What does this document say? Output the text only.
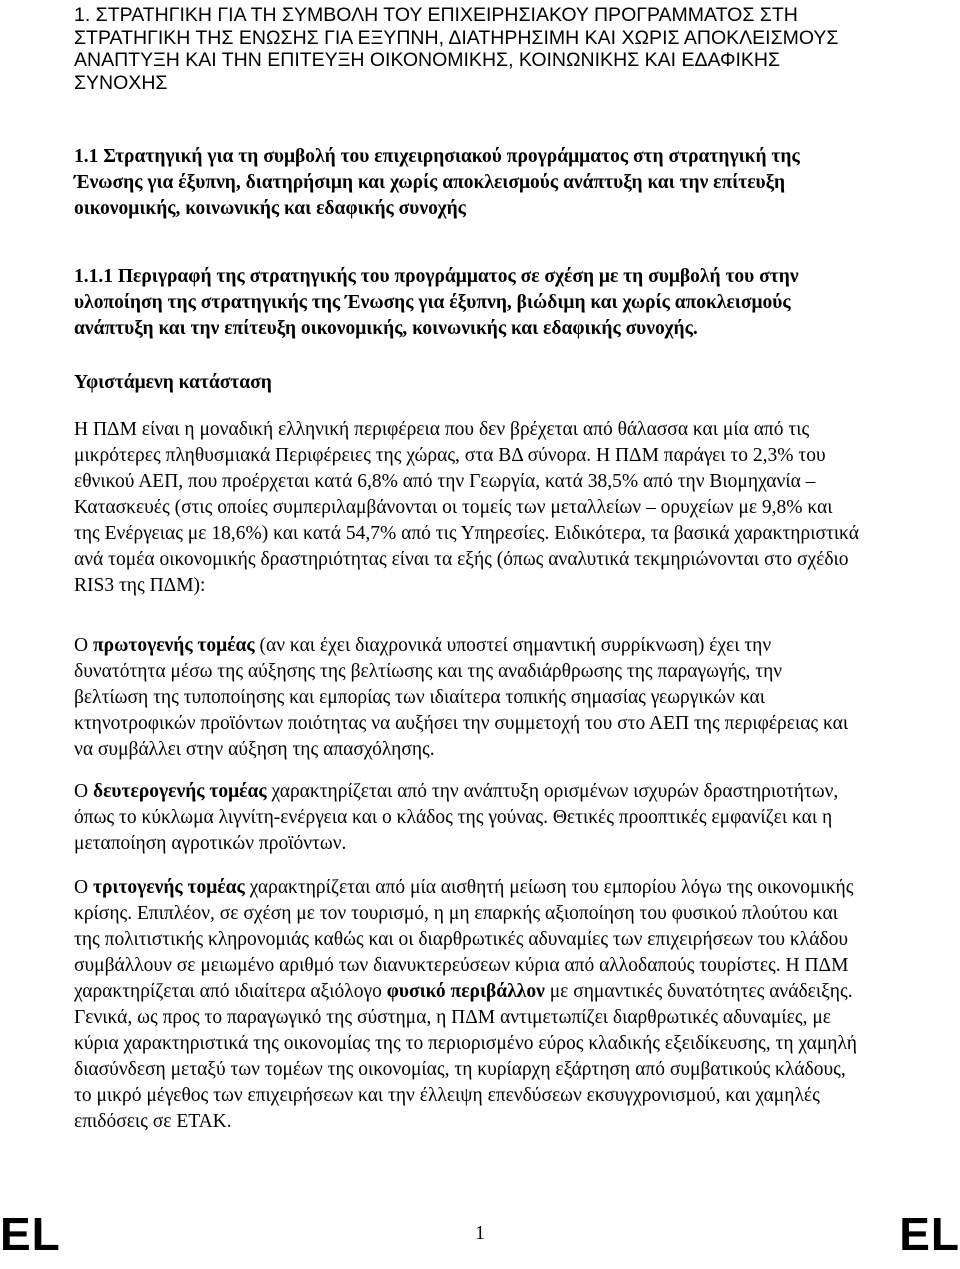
1. ΣΤΡΑΤΗΓΙΚΗ ΓΙΑ ΤΗ ΣΥΜΒΟΛΗ ΤΟΥ ΕΠΙΧΕΙΡΗΣΙΑΚΟΥ ΠΡΟΓΡΑΜΜΑΤΟΣ ΣΤΗ ΣΤΡΑΤΗΓΙΚΗ ΤΗΣ ΕΝΩΣΗΣ ΓΙΑ ΕΞΥΠΝΗ, ΔΙΑΤΗΡΗΣΙΜΗ ΚΑΙ ΧΩΡΙΣ ΑΠΟΚΛΕΙΣΜΟΥΣ ΑΝΑΠΤΥΞΗ ΚΑΙ ΤΗΝ ΕΠΙΤΕΥΞΗ ΟΙΚΟΝΟΜΙΚΗΣ, ΚΟΙΝΩΝΙΚΗΣ ΚΑΙ ΕΔΑΦΙΚΗΣ ΣΥΝΟΧΗΣ
1.1 Στρατηγική για τη συμβολή του επιχειρησιακού προγράμματος στη στρατηγική της Ένωσης για έξυπνη, διατηρήσιμη και χωρίς αποκλεισμούς ανάπτυξη και την επίτευξη οικονομικής, κοινωνικής και εδαφικής συνοχής
1.1.1 Περιγραφή της στρατηγικής του προγράμματος σε σχέση με τη συμβολή του στην υλοποίηση της στρατηγικής της Ένωσης για έξυπνη, βιώδιμη και χωρίς αποκλεισμούς ανάπτυξη και την επίτευξη οικονομικής, κοινωνικής και εδαφικής συνοχής.
Υφιστάμενη κατάσταση

Η ΠΔΜ είναι η μοναδική ελληνική περιφέρεια που δεν βρέχεται από θάλασσα και μία από τις μικρότερες πληθυσμιακά Περιφέρειες της χώρας, στα ΒΔ σύνορα. Η ΠΔΜ παράγει το 2,3% του εθνικού ΑΕΠ, που προέρχεται κατά 6,8% από την Γεωργία, κατά 38,5% από την Βιομηχανία – Κατασκευές (στις οποίες συμπεριλαμβάνονται οι τομείς των μεταλλείων – ορυχείων με 9,8% και της Ενέργειας με 18,6%) και κατά 54,7% από τις Υπηρεσίες. Ειδικότερα, τα βασικά χαρακτηριστικά ανά τομέα οικονομικής δραστηριότητας είναι τα εξής (όπως αναλυτικά τεκμηριώνονται στο σχέδιο RIS3 της ΠΔΜ):

Ο πρωτογενής τομέας (αν και έχει διαχρονικά υποστεί σημαντική συρρίκνωση) έχει την δυνατότητα μέσω της αύξησης της βελτίωσης και της αναδιάρθρωσης της παραγωγής, την βελτίωση της τυποποίησης και εμπορίας των ιδιαίτερα τοπικής σημασίας γεωργικών και κτηνοτροφικών προϊόντων ποιότητας να αυξήσει την συμμετοχή του στο ΑΕΠ της περιφέρειας και να συμβάλλει στην αύξηση της απασχόλησης.

Ο δευτερογενής τομέας χαρακτηρίζεται από την ανάπτυξη ορισμένων ισχυρών δραστηριοτήτων, όπως το κύκλωμα λιγνίτη-ενέργεια και ο κλάδος της γούνας. Θετικές προοπτικές εμφανίζει και η μεταποίηση αγροτικών προϊόντων.

Ο τριτογενής τομέας χαρακτηρίζεται από μία αισθητή μείωση του εμπορίου λόγω της οικονομικής κρίσης. Επιπλέον, σε σχέση με τον τουρισμό, η μη επαρκής αξιοποίηση του φυσικού πλούτου και της πολιτιστικής κληρονομιάς καθώς και οι διαρθρωτικές αδυναμίες των επιχειρήσεων του κλάδου συμβάλλουν σε μειωμένο αριθμό των διανυκτερεύσεων κύρια από αλλοδαπούς τουρίστες. Η ΠΔΜ χαρακτηρίζεται από ιδιαίτερα αξιόλογο φυσικό περιβάλλον με σημαντικές δυνατότητες ανάδειξης. Γενικά, ως προς το παραγωγικό της σύστημα, η ΠΔΜ αντιμετωπίζει διαρθρωτικές αδυναμίες, με κύρια χαρακτηριστικά της οικονομίας της το περιορισμένο εύρος κλαδικής εξειδίκευσης, τη χαμηλή διασύνδεση μεταξύ των τομέων της οικονομίας, τη κυρίαρχη εξάρτηση από συμβατικούς κλάδους, το μικρό μέγεθος των επιχειρήσεων και την έλλειψη επενδύσεων εκσυγχρονισμού, και χαμηλές επιδόσεις σε ΕΤΑΚ.

EL	1	EL
